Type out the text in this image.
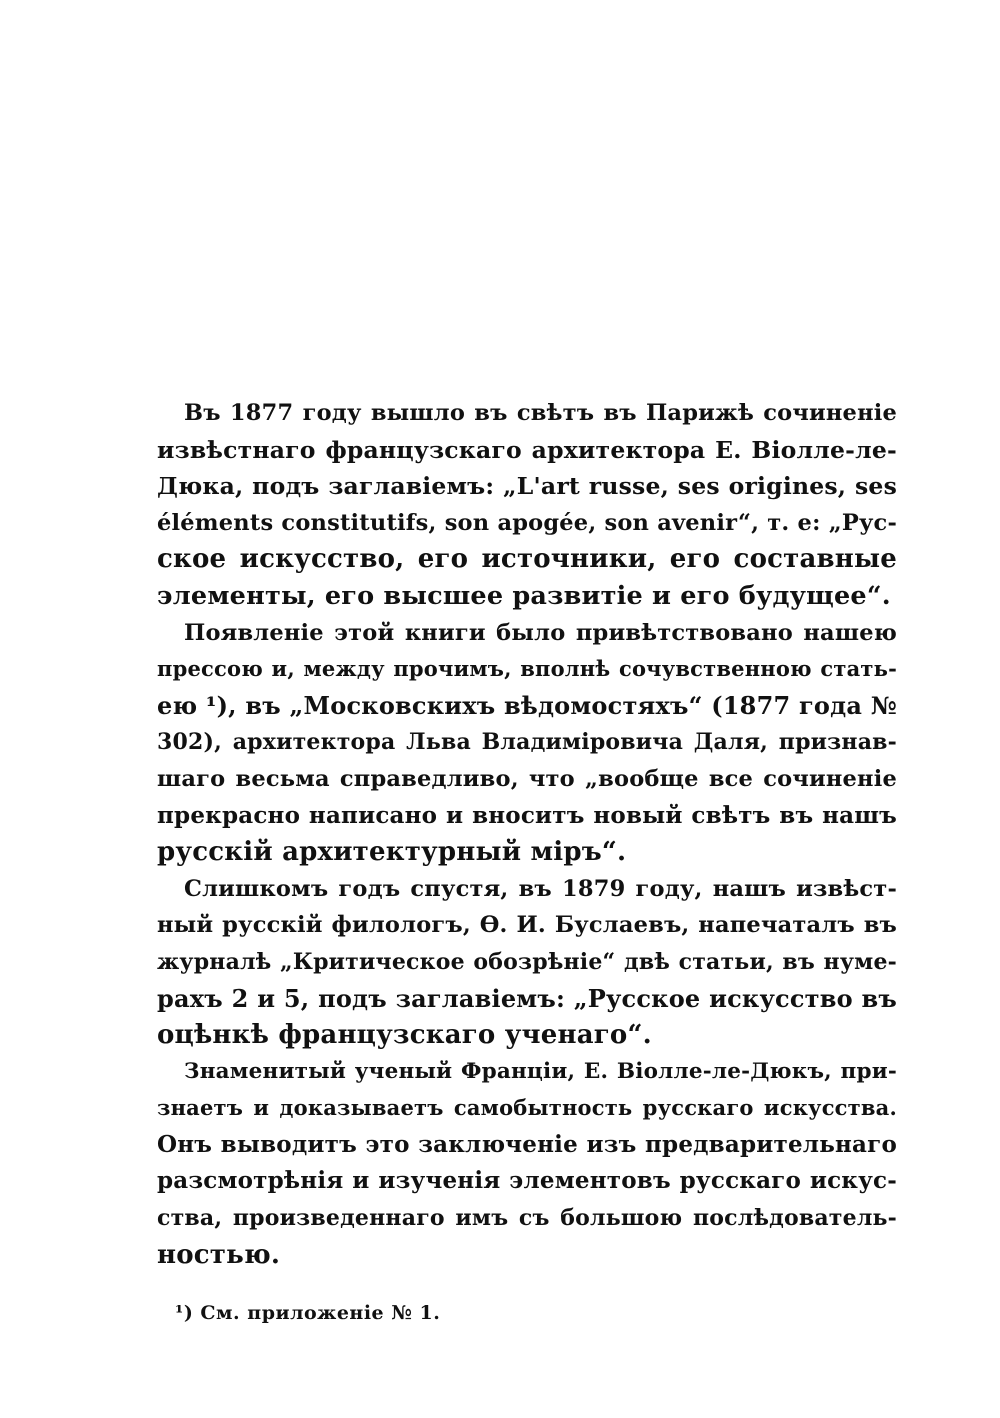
Въ 1877 году вышло въ свѣтъ въ Парижѣ сочиненіе
извѣстнаго французскаго архитектора Е. Віолле-ле-
Дюка, подъ заглавіемъ: „L'art russe, ses origines, ses
éléments constitutifs, son apogée, son avenir“, т. е: „Рус-
ское искусство, его источники, его составные
элементы, его высшее развитіе и его будущее“.
Появленіе этой книги было привѣтствовано нашею
прессою и, между прочимъ, вполнѣ сочувственною стать-
ею ¹), въ „Московскихъ вѣдомостяхъ“ (1877 года №
302), архитектора Льва Владиміровича Даля, признав-
шаго весьма справедливо, что „вообще все сочиненіе
прекрасно написано и вноситъ новый свѣтъ въ нашъ
русскій архитектурный міръ“.
Слишкомъ годъ спустя, въ 1879 году, нашъ извѣст-
ный русскій филологъ, Ѳ. И. Буслаевъ, напечаталъ въ
журналѣ „Критическое обозрѣніе“ двѣ статьи, въ нуме-
рахъ 2 и 5, подъ заглавіемъ: „Русское искусство въ
оцѣнкѣ французскаго ученаго“.
Знаменитый ученый Франціи, Е. Віолле-ле-Дюкъ, при-
знаетъ и доказываетъ самобытность русскаго искусства.
Онъ выводитъ это заключеніе изъ предварительнаго
разсмотрѣнія и изученія элементовъ русскаго искус-
ства, произведеннаго имъ съ большою послѣдователь-
ностью.
¹) См. приложеніе № 1.
